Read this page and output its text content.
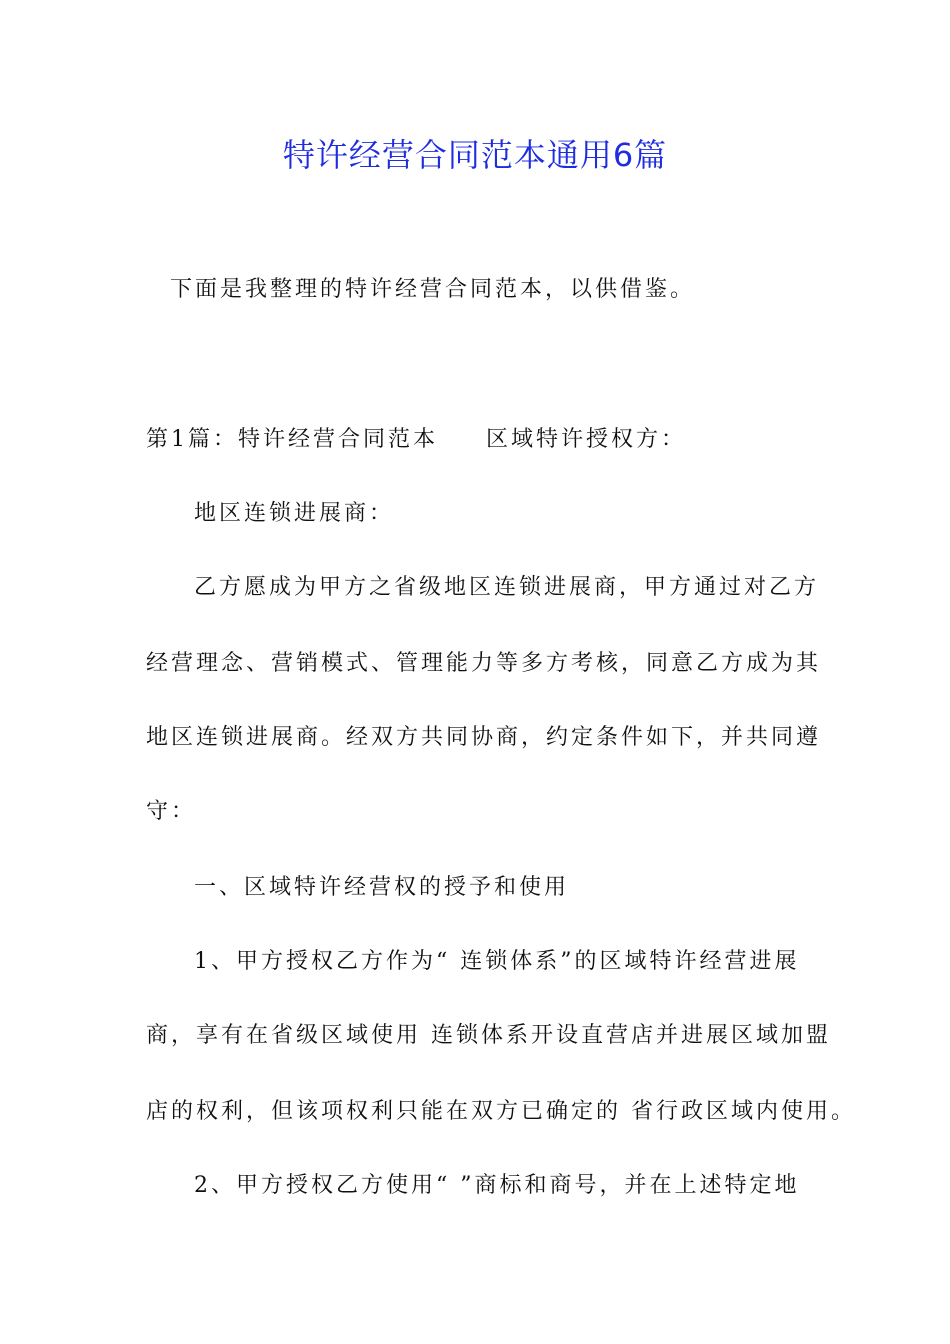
特许经营合同范本通用6篇

下面是我整理的特许经营合同范本，以供借鉴。

第1篇：特许经营合同范本 区域特许授权方：

地区连锁进展商：

乙方愿成为甲方之省级地区连锁进展商，甲方通过对乙方

经营理念、营销模式、管理能力等多方考核，同意乙方成为其

地区连锁进展商。经双方共同协商，约定条件如下，并共同遵

守：

一、区域特许经营权的授予和使用

1、甲方授权乙方作为“ 连锁体系”的区域特许经营进展

商，享有在省级区域使用 连锁体系开设直营店并进展区域加盟

店的权利，但该项权利只能在双方已确定的 省行政区域内使用。

2、甲方授权乙方使用“ ”商标和商号，并在上述特定地
